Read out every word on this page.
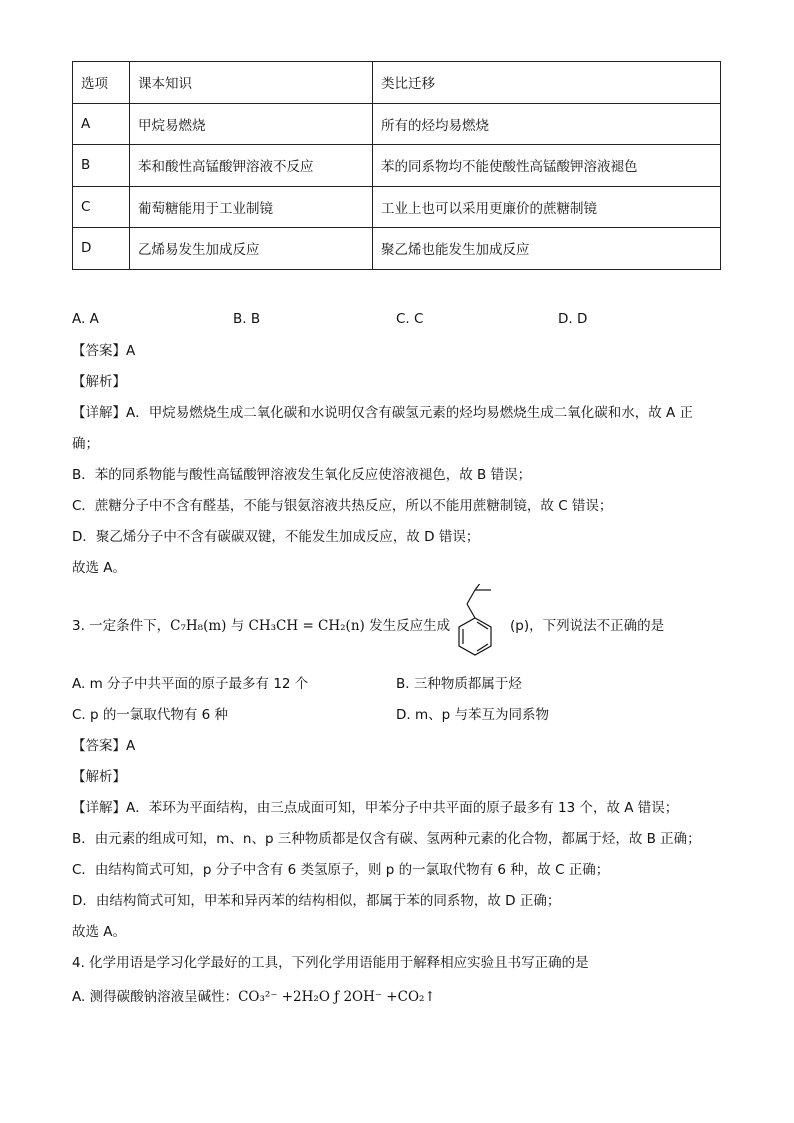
选项	课本知识	类比迁移
A	甲烷易燃烧	所有的烃均易燃烧
B	苯和酸性高锰酸钾溶液不反应	苯的同系物均不能使酸性高锰酸钾溶液褪色
C	葡萄糖能用于工业制镜	工业上也可以采用更廉价的蔗糖制镜
D	乙烯易发生加成反应	聚乙烯也能发生加成反应
A. A	B. B	C. C	D. D
【答案】A
【解析】
【详解】A．甲烷易燃烧生成二氧化碳和水说明仅含有碳氢元素的烃均易燃烧生成二氧化碳和水，故 A 正
确；
B．苯的同系物能与酸性高锰酸钾溶液发生氧化反应使溶液褪色，故 B 错误；
C．蔗糖分子中不含有醛基，不能与银氨溶液共热反应，所以不能用蔗糖制镜，故 C 错误；
D．聚乙烯分子中不含有碳碳双键，不能发生加成反应，故 D 错误；
故选 A。
3. 一定条件下，C₇H₈(m) 与 CH₃CH = CH₂(n) 发生反应生成	(p)，下列说法不正确的是
A. m 分子中共平面的原子最多有 12 个	B. 三种物质都属于烃
C. p 的一氯取代物有 6 种	D. m、p 与苯互为同系物
【答案】A
【解析】
【详解】A．苯环为平面结构，由三点成面可知，甲苯分子中共平面的原子最多有 13 个，故 A 错误；
B．由元素的组成可知，m、n、p 三种物质都是仅含有碳、氢两种元素的化合物，都属于烃，故 B 正确；
C．由结构简式可知，p 分子中含有 6 类氢原子，则 p 的一氯取代物有 6 种，故 C 正确；
D．由结构简式可知，甲苯和异丙苯的结构相似，都属于苯的同系物，故 D 正确；
故选 A。
4. 化学用语是学习化学最好的工具，下列化学用语能用于解释相应实验且书写正确的是
A. 测得碳酸钠溶液呈碱性：CO₃²⁻ +2H₂O ƒ 2OH⁻ +CO₂↑
